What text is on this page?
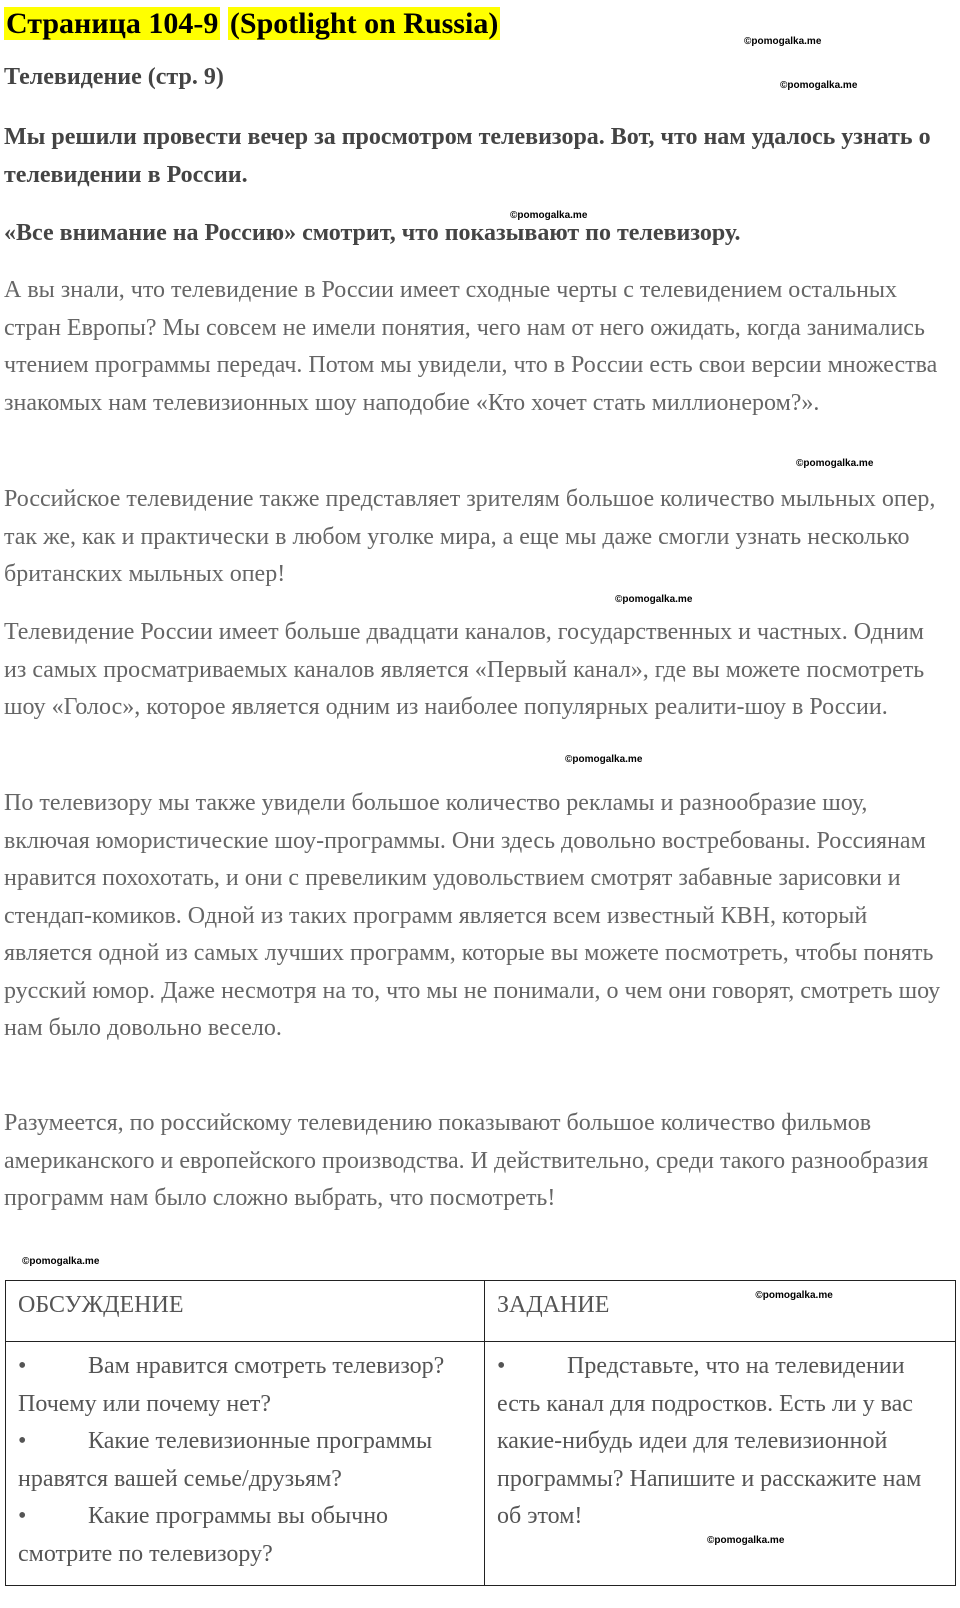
Страница 104-9 (Spotlight on Russia)
©pomogalka.me
Телевидение (стр. 9)	©pomogalka.me
Мы решили провести вечер за просмотром телевизора. Вот, что нам удалось узнать о телевидении в России.
©pomogalka.me
«Все внимание на Россию» смотрит, что показывают по телевизору.
А вы знали, что телевидение в России имеет сходные черты с телевидением остальных стран Европы? Мы совсем не имели понятия, чего нам от него ожидать, когда занимались чтением программы передач. Потом мы увидели, что в России есть свои версии множества знакомых нам телевизионных шоу наподобие «Кто хочет стать миллионером?».
©pomogalka.me
Российское телевидение также представляет зрителям большое количество мыльных опер, так же, как и практически в любом уголке мира, а еще мы даже смогли узнать несколько британских мыльных опер!
©pomogalka.me
Телевидение России имеет больше двадцати каналов, государственных и частных. Одним из самых просматриваемых каналов является «Первый канал», где вы можете посмотреть шоу «Голос», которое является одним из наиболее популярных реалити-шоу в России.
©pomogalka.me
По телевизору мы также увидели большое количество рекламы и разнообразие шоу, включая юмористические шоу-программы. Они здесь довольно востребованы. Россиянам нравится похохотать, и они с превеликим удовольствием смотрят забавные зарисовки и стендап-комиков. Одной из таких программ является всем известный КВН, который является одной из самых лучших программ, которые вы можете посмотреть, чтобы понять русский юмор. Даже несмотря на то, что мы не понимали, о чем они говорят, смотреть шоу нам было довольно весело.
Разумеется, по российскому телевидению показывают большое количество фильмов американского и европейского производства. И действительно, среди такого разнообразия программ нам было сложно выбрать, что посмотреть!
©pomogalka.me
ОБСУЖДЕНИЕ	ЗАДАНИЕ $^{©pomogalka.me}$

• Вам нравится смотреть телевизор? Почему или почему нет?
• Какие телевизионные программы нравятся вашей семье/друзьям?
• Какие программы вы обычно смотрите по телевизору?	• Представьте, что на телевидении есть канал для подростков. Есть ли у вас какие-нибудь идеи для телевизионной программы? Напишите и расскажите нам об этом!
$^{©pomogalka.me}$
